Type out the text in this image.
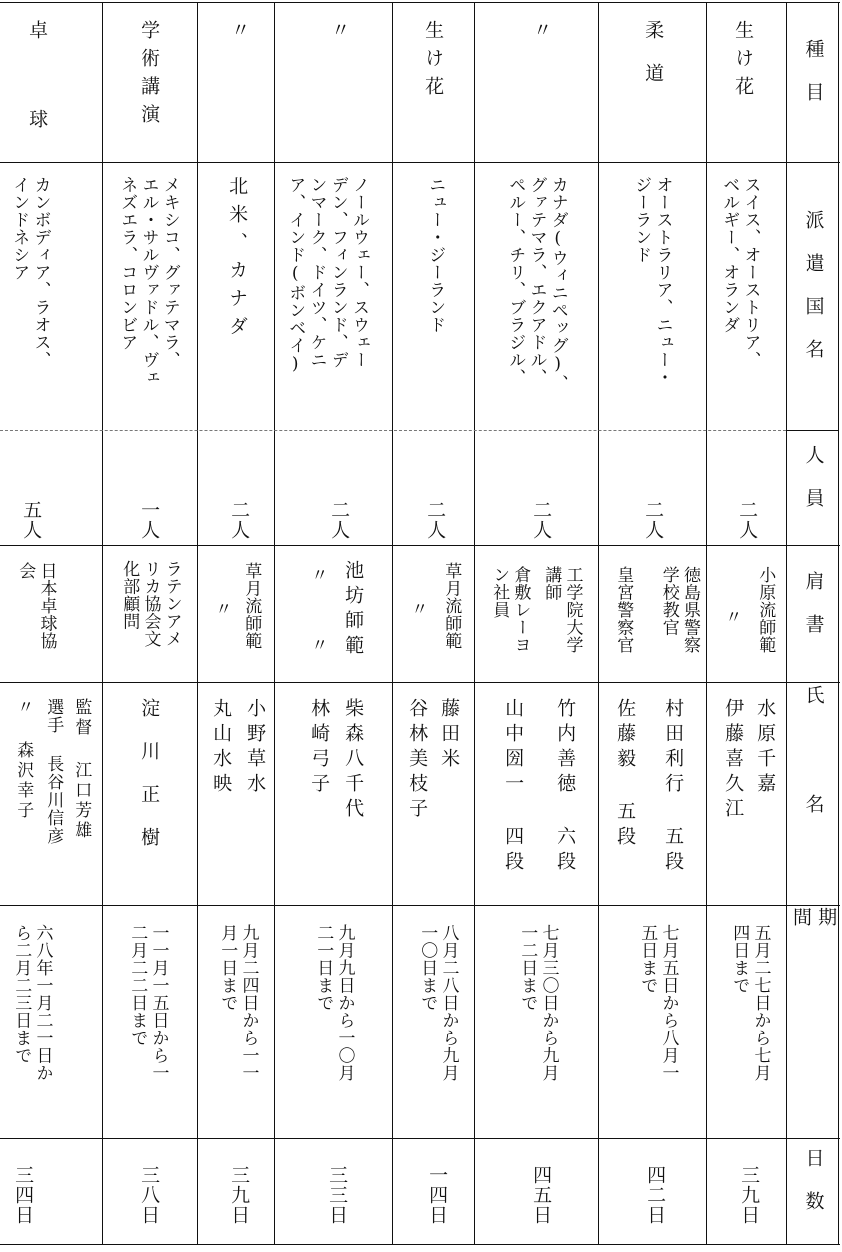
種目
派遣国名
人員
肩書
氏名
期間
日数
生け花
スイス、オーストリア、
ベルギー、オランダ
二人
小原流師範
〃
水原千嘉
伊藤喜久江
五月二七日から七月
四日まで
三九日
柔道
オーストラリア、ニュー・
ジーランド
二人
皇宮警察官	徳島県警察
学校教官
村田利行 五段
佐藤毅 五段
七月五日から八月一
五日まで
四二日
〃
カナダ(ウィニペッグ)、
グァテマラ、エクアドル、
ペルー、チリ、ブラジル、
二人
工学院大学
講師
倉敷レーヨ
ン社員
竹内善徳 六段
山中圀一 四段
七月三〇日から九月
一二日まで
四五日
生け花
ニュー・ジーランド
二人
草月流師範
〃
藤田米
谷林美枝子
八月二八日から九月
一〇日まで
一四日
〃
ノールウェー、スウェー
デン、フィンランド、デ
ンマーク、ドイツ、ケニ
ア、インド(ボンベイ)
二人
池坊師範
〃　〃
柴森八千代
林崎弓子
九月九日から一〇月
二一日まで
三三日
〃
北米、カナダ
二人
草月流師範
〃
小野草水
丸山水映
九月二四日から一一
月一日まで
三九日
学術講演
メキシコ、グァテマラ、
エル・サルヴァドル、ヴェ
ネズエラ、コロンビア
一人
ラテンアメ
リカ協会文
化部顧問
淀川正樹
一一月一五日から一
二月二二日まで
三八日
卓球
カンボディア、ラオス、
インドネシア
五人
日本卓球協
会
監督 江口芳雄
選手 長谷川信彦
〃 森沢幸子
六八年一月二一日か
ら二月二三日まで
三四日
